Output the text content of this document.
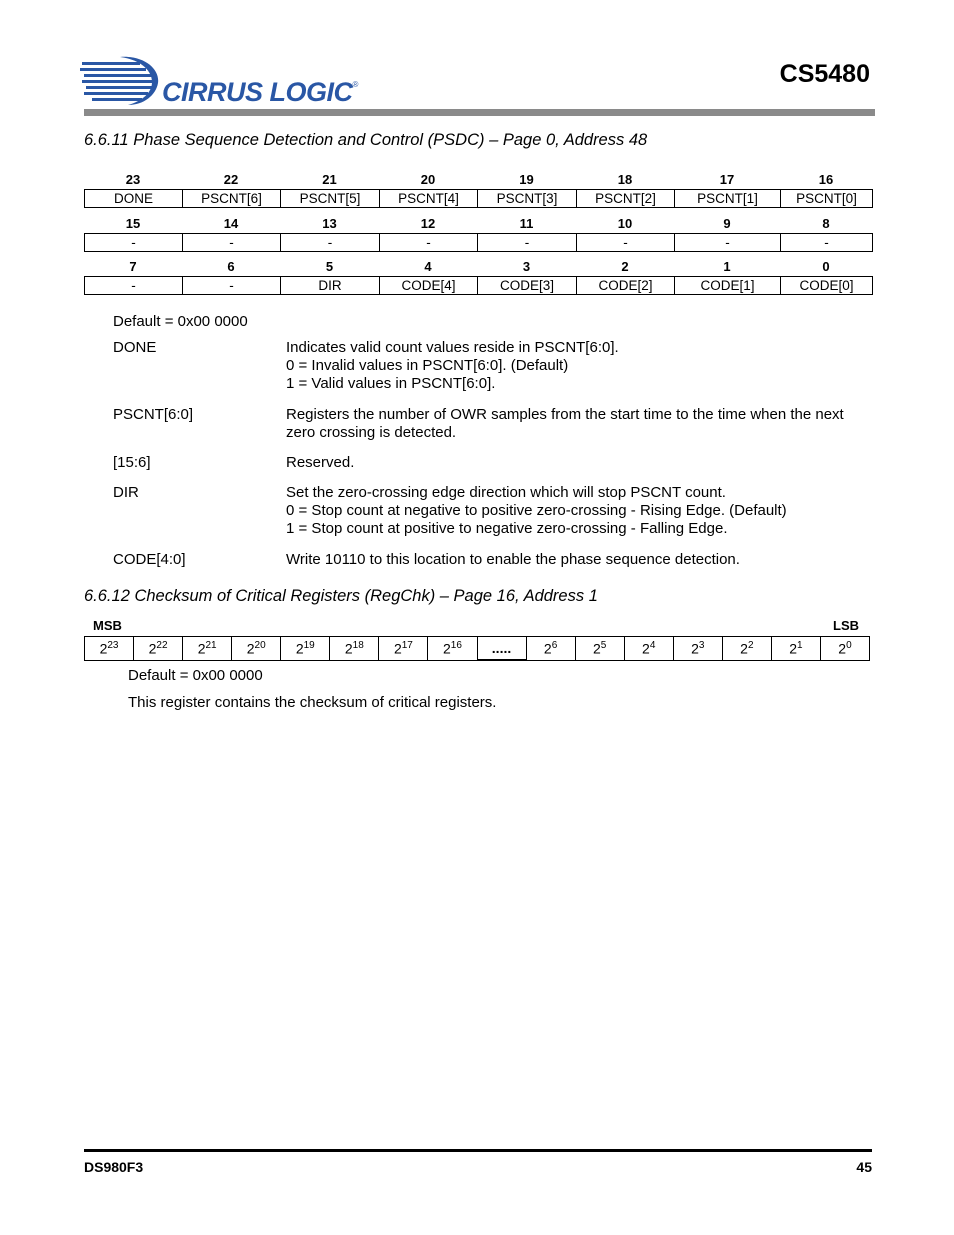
CIRRUS LOGIC®	CS5480
6.6.11 Phase Sequence Detection and Control (PSDC) – Page 0, Address 48
23	22	21	20	19	18	17	16
DONE	PSCNT[6]	PSCNT[5]	PSCNT[4]	PSCNT[3]	PSCNT[2]	PSCNT[1]	PSCNT[0]
15	14	13	12	11	10	9	8
-	-	-	-	-	-	-	-
7	6	5	4	3	2	1	0
-	-	DIR	CODE[4]	CODE[3]	CODE[2]	CODE[1]	CODE[0]
Default = 0x00 0000
DONE	Indicates valid count values reside in PSCNT[6:0].
0 = Invalid values in PSCNT[6:0]. (Default)
1 = Valid values in PSCNT[6:0].
PSCNT[6:0]	Registers the number of OWR samples from the start time to the time when the next
zero crossing is detected.
[15:6]	Reserved.
DIR	Set the zero-crossing edge direction which will stop PSCNT count.
0 = Stop count at negative to positive zero-crossing - Rising Edge. (Default)
1 = Stop count at positive to negative zero-crossing - Falling Edge.
CODE[4:0]	Write 10110 to this location to enable the phase sequence detection.
6.6.12 Checksum of Critical Registers (RegChk) – Page 16, Address 1
MSB	LSB
$2^{23}$	$2^{22}$	$2^{21}$	$2^{20}$	$2^{19}$	$2^{18}$	$2^{17}$	$2^{16}$	.....	$2^6$	$2^5$	$2^4$	$2^3$	$2^2$	$2^1$	$2^0$
Default = 0x00 0000
This register contains the checksum of critical registers.
DS980F3	45
